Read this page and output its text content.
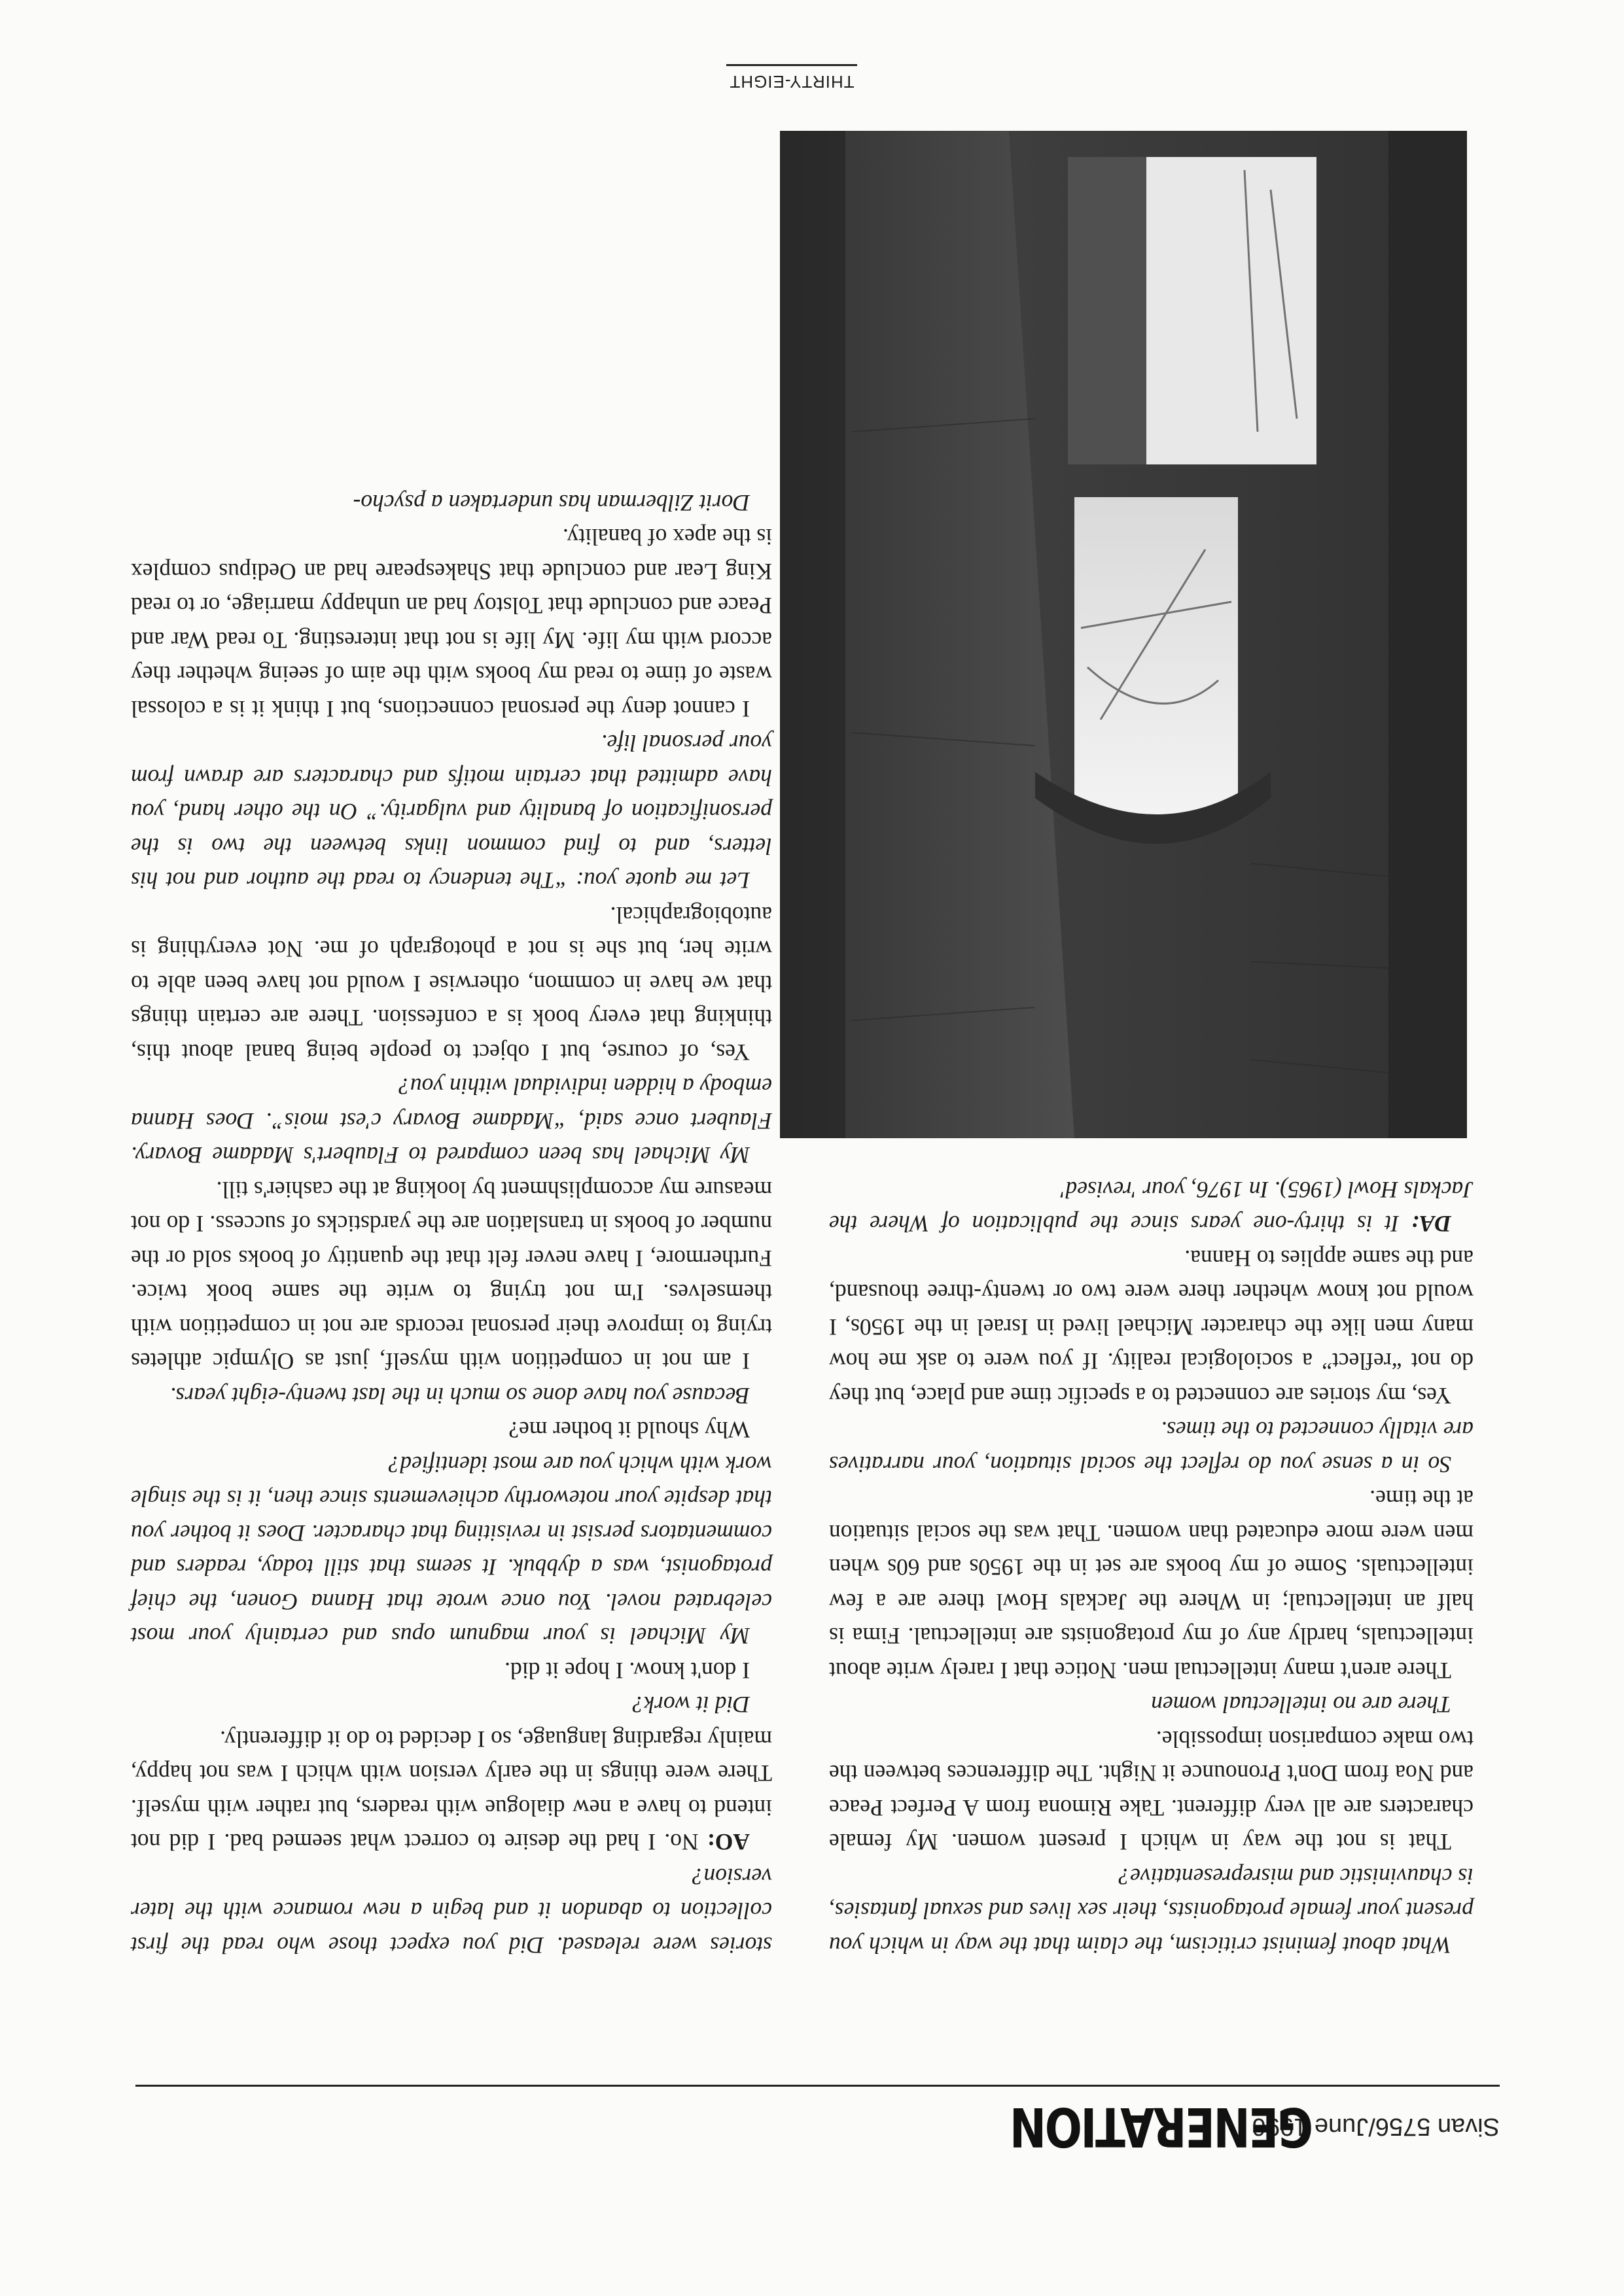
Sivan 5756/June 1996
GENERATION

What about feminist criticism, the claim that the way in which you present your female protagonists, their sex lives and sexual fantasies, is chauvinistic and misrepresentative?

That is not the way in which I present women. My female characters are all very different. Take Rimona from A Perfect Peace and Noa from Don't Pronounce it Night. The differences between the two make comparison impossible.

There are no intellectual women

There aren't many intellectual men. Notice that I rarely write about intellectuals, hardly any of my protagonists are intellectual. Fima is half an intellectual; in Where the Jackals Howl there are a few intellectuals. Some of my books are set in the 1950s and 60s when men were more educated than women. That was the social situation at the time.

So in a sense you do reflect the social situation, your narratives are vitally connected to the times.

Yes, my stories are connected to a specific time and place, but they do not “reflect” a sociological reality. If you were to ask me how many men like the character Michael lived in Israel in the 1950s, I would not know whether there were two or twenty-three thousand, and the same applies to Hanna.

DA: It is thirty-one years since the publication of Where the Jackals Howl (1965). In 1976, your 'revised'

stories were released. Did you expect those who read the first collection to abandon it and begin a new romance with the later version?

AO: No. I had the desire to correct what seemed bad. I did not intend to have a new dialogue with readers, but rather with myself. There were things in the early version with which I was not happy, mainly regarding language, so I decided to do it differently.

Did it work?

I don't know. I hope it did.

My Michael is your magnum opus and certainly your most celebrated novel. You once wrote that Hanna Gonen, the chief protagonist, was a dybbuk. It seems that still today, readers and commentators persist in revisiting that character. Does it bother you that despite your noteworthy achievements since then, it is the single work with which you are most identified?

Why should it bother me?

Because you have done so much in the last twenty-eight years.

I am not in competition with myself, just as Olympic athletes trying to improve their personal records are not in competition with themselves. I'm not trying to write the same book twice. Furthermore, I have never felt that the quantity of books sold or the number of books in translation are the yardsticks of success. I do not measure my accomplishment by looking at the cashier's till.

My Michael has been compared to Flaubert's Madame Bovary. Flaubert once said, “Madame Bovary c'est mois”. Does Hanna embody a hidden individual within you?

Yes, of course, but I object to people being banal about this, thinking that every book is a confession. There are certain things that we have in common, otherwise I would not have been able to write her, but she is not a photograph of me. Not everything is autobiographical.

Let me quote you: “The tendency to read the author and not his letters, and to find common links between the two is the personification of banality and vulgarity.” On the other hand, you have admitted that certain motifs and characters are drawn from your personal life.

I cannot deny the personal connections, but I think it is a colossal waste of time to read my books with the aim of seeing whether they accord with my life. My life is not that interesting. To read War and Peace and conclude that Tolstoy had an unhappy marriage, or to read King Lear and conclude that Shakespeare had an Oedipus complex is the apex of banality.

Dorit Zilberman has undertaken a psycho-

THIRTY-EIGHT
